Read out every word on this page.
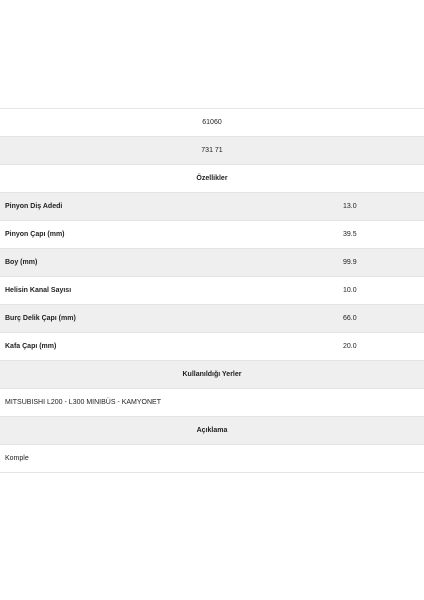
61060
731 71
Özellikler
Pinyon Diş Adedi	13.0
Pinyon Çapı (mm)	39.5
Boy (mm)	99.9
Helisin Kanal Sayısı	10.0
Burç Delik Çapı (mm)	66.0
Kafa Çapı (mm)	20.0
Kullanıldığı Yerler
MITSUBISHI L200 - L300 MINIBÜS - KAMYONET
Açıklama
Komple
